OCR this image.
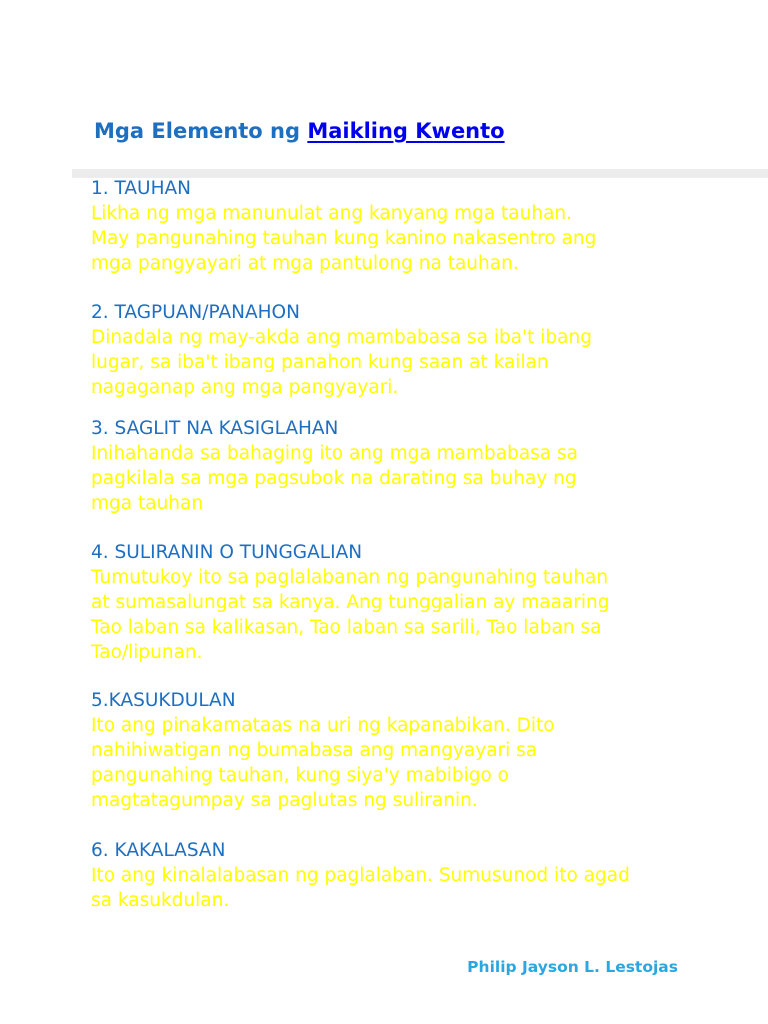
Mga Elemento ng Maikling Kwento

1. TAUHAN

Likha ng mga manunulat ang kanyang mga tauhan.

May pangunahing tauhan kung kanino nakasentro ang

mga pangyayari at mga pantulong na tauhan.

2. TAGPUAN/PANAHON

Dinadala ng may-akda ang mambabasa sa iba't ibang

lugar, sa iba't ibang panahon kung saan at kailan

nagaganap ang mga pangyayari.

3. SAGLIT NA KASIGLAHAN

Inihahanda sa bahaging ito ang mga mambabasa sa

pagkilala sa mga pagsubok na darating sa buhay ng

mga tauhan

4. SULIRANIN O TUNGGALIAN

Tumutukoy ito sa paglalabanan ng pangunahing tauhan

at sumasalungat sa kanya. Ang tunggalian ay maaaring

Tao laban sa kalikasan, Tao laban sa sarili, Tao laban sa

Tao/lipunan.

5.KASUKDULAN

Ito ang pinakamataas na uri ng kapanabikan. Dito

nahihiwatigan ng bumabasa ang mangyayari sa

pangunahing tauhan, kung siya'y mabibigo o

magtatagumpay sa paglutas ng suliranin.

6. KAKALASAN

Ito ang kinalalabasan ng paglalaban. Sumusunod ito agad

sa kasukdulan.

Philip Jayson L. Lestojas
